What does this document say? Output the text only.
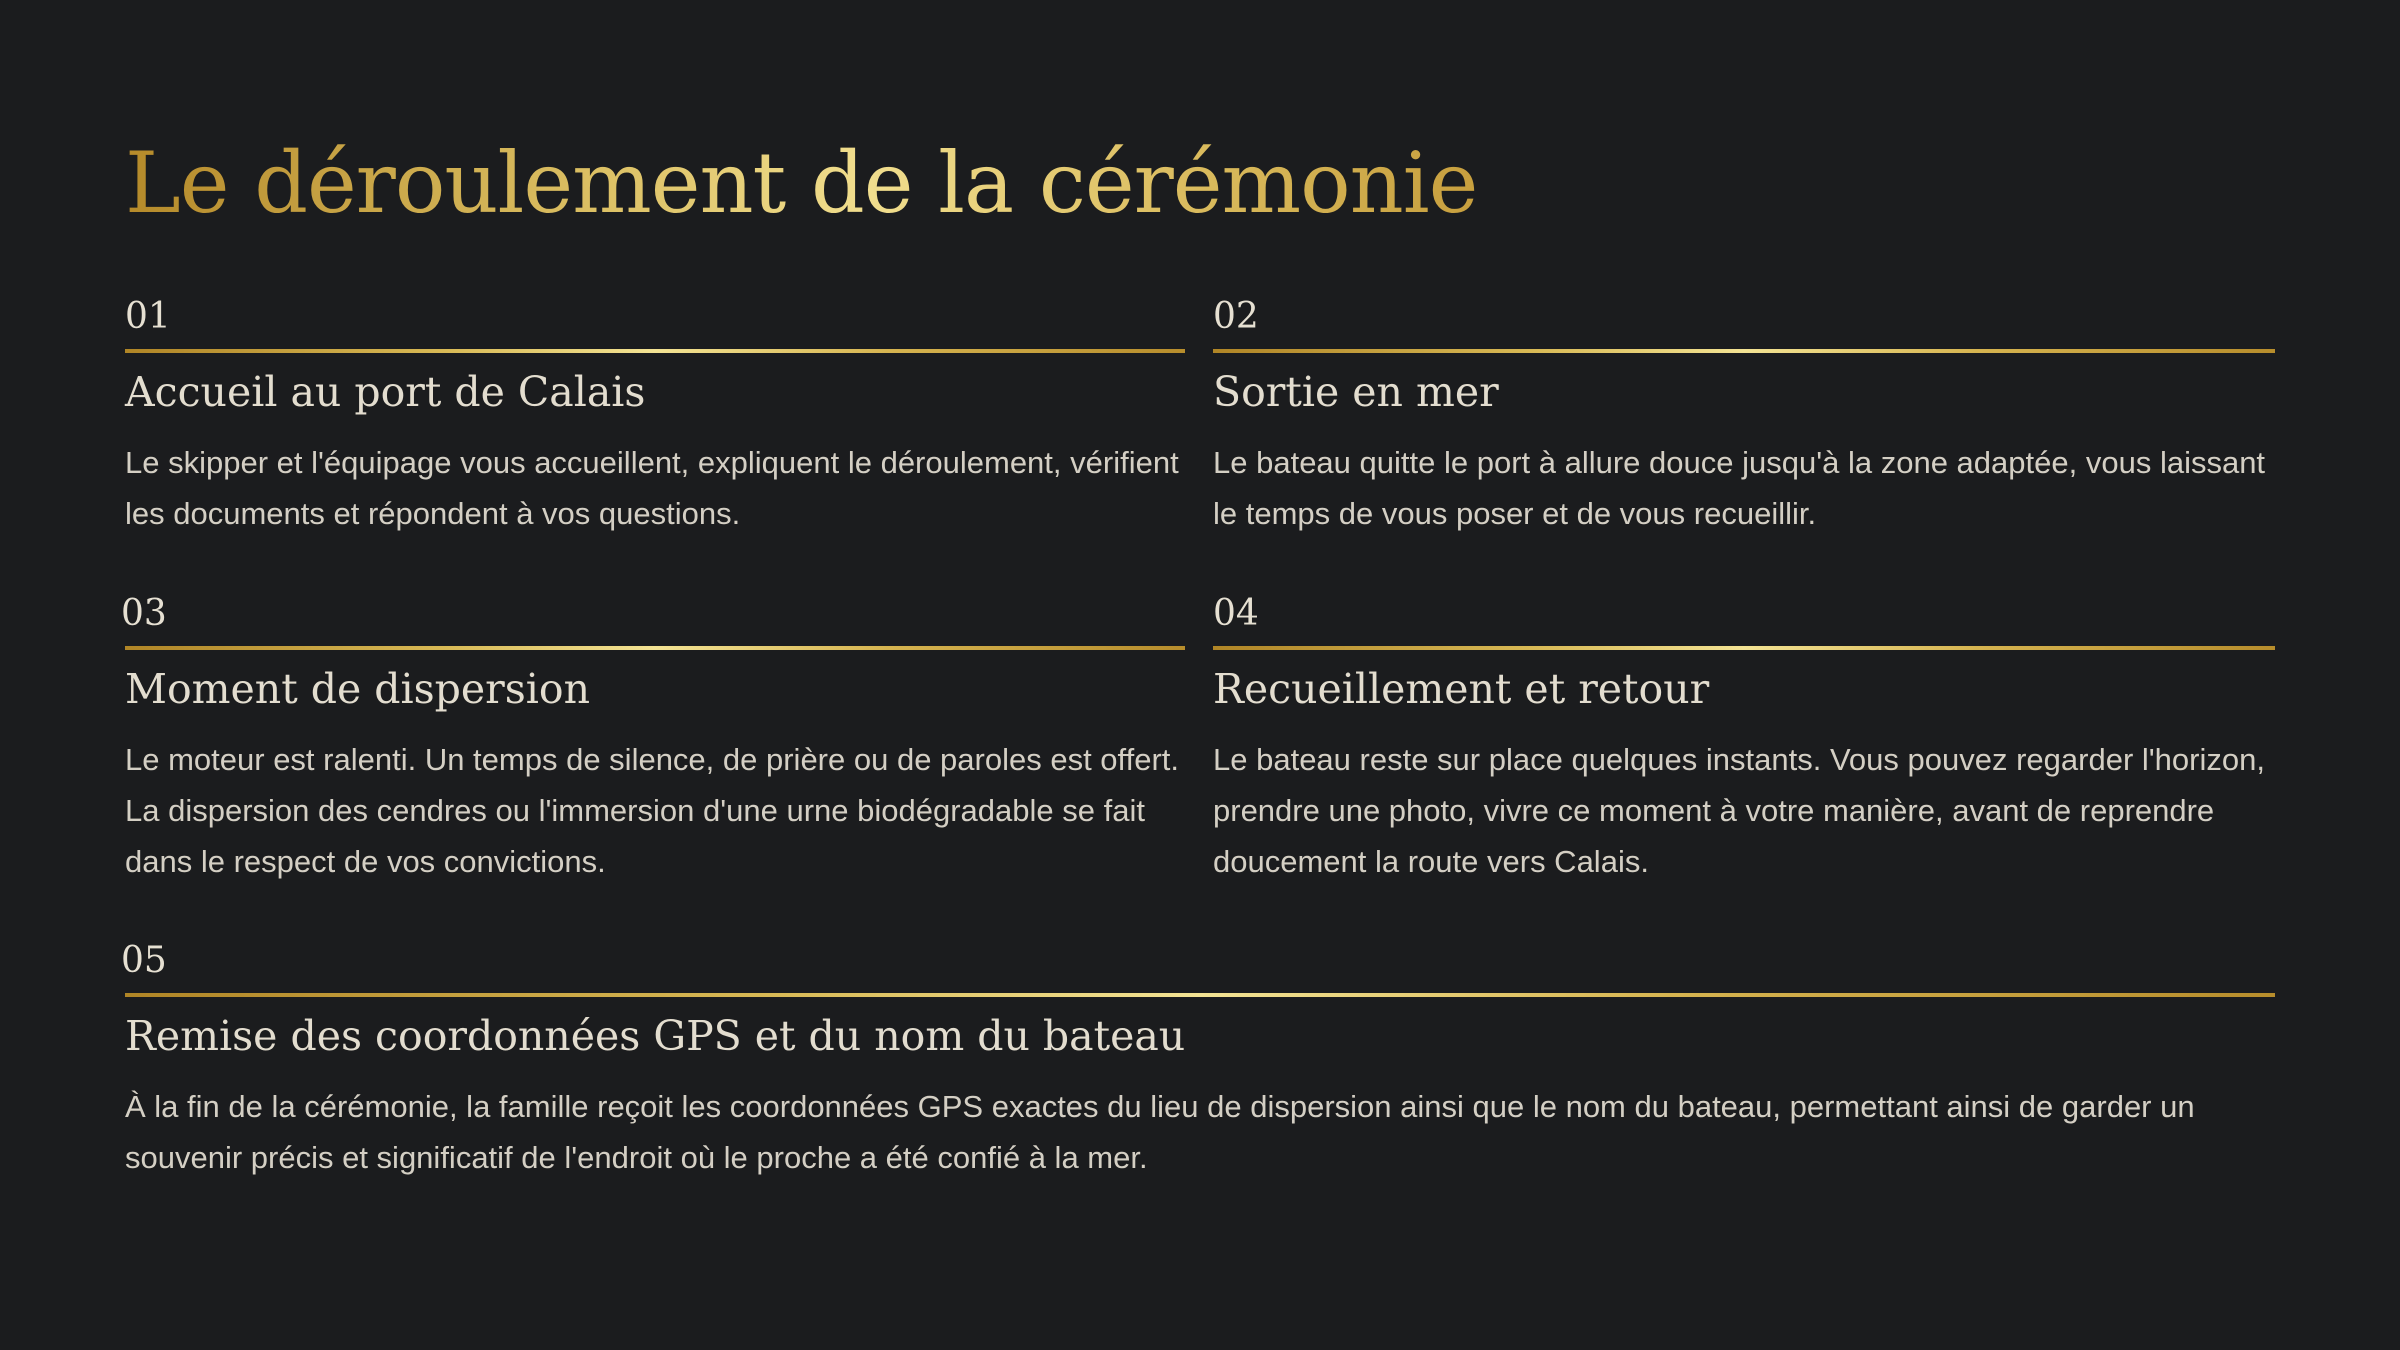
Le déroulement de la cérémonie
01
Accueil au port de Calais

Le skipper et l'équipage vous accueillent, expliquent le déroulement, vérifient les documents et répondent à vos questions.

02
Sortie en mer

Le bateau quitte le port à allure douce jusqu'à la zone adaptée, vous laissant le temps de vous poser et de vous recueillir.

03
Moment de dispersion

Le moteur est ralenti. Un temps de silence, de prière ou de paroles est offert. La dispersion des cendres ou l'immersion d'une urne biodégradable se fait dans le respect de vos convictions.

04
Recueillement et retour

Le bateau reste sur place quelques instants. Vous pouvez regarder l'horizon, prendre une photo, vivre ce moment à votre manière, avant de reprendre doucement la route vers Calais.

05
Remise des coordonnées GPS et du nom du bateau

À la fin de la cérémonie, la famille reçoit les coordonnées GPS exactes du lieu de dispersion ainsi que le nom du bateau, permettant ainsi de garder un souvenir précis et significatif de l'endroit où le proche a été confié à la mer.
